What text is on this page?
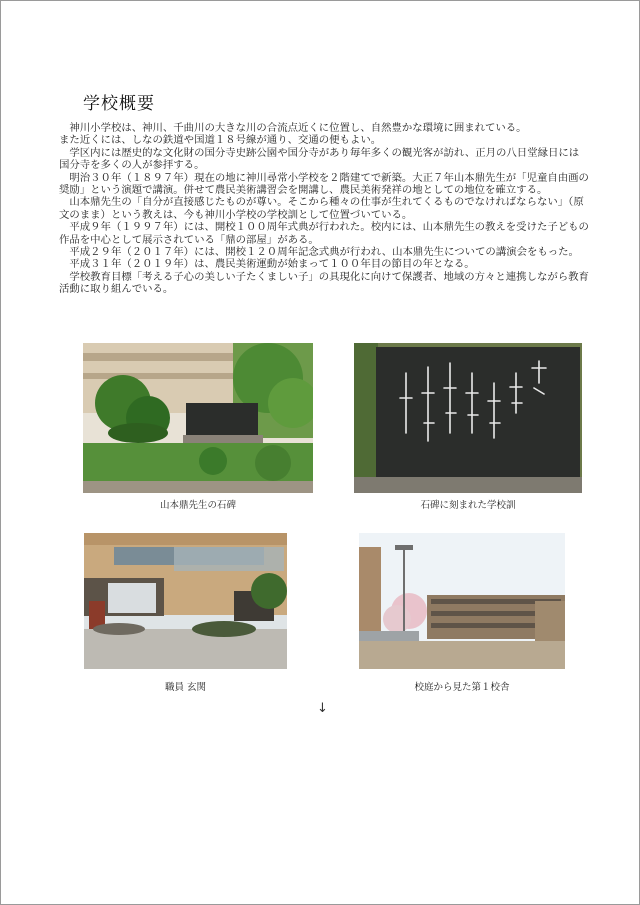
学校概要
　神川小学校は、神川、千曲川の大きな川の合流点近くに位置し、自然豊かな環境に囲まれている。
また近くには、しなの鉄道や国道１８号線が通り、交通の便もよい。
　学区内には歴史的な文化財の国分寺史跡公園や国分寺があり毎年多くの観光客が訪れ、正月の八日堂縁日には国分寺を多くの人が参拝する。
　明治３０年（１８９７年）現在の地に神川尋常小学校を２階建てで新築。大正７年山本鼎先生が「児童自由画の奨励」という演題で講演。併せて農民美術講習会を開講し、農民美術発祥の地としての地位を確立する。
　山本鼎先生の「自分が直接感じたものが尊い。そこから種々の仕事が生れてくるものでなければならない」（原文のまま）という教えは、今も神川小学校の学校訓として位置づいている。
　平成９年（１９９７年）には、開校１００周年式典が行われた。校内には、山本鼎先生の教えを受けた子どもの作品を中心として展示されている「鼎の部屋」がある。
　平成２９年（２０１７年）には、開校１２０周年記念式典が行われ、山本鼎先生についての講演会をもった。
　平成３１年（２０１９年）は、農民美術運動が始まって１００年目の節目の年となる。
　学校教育目標「考える子心の美しい子たくましい子」の具現化に向けて保護者、地域の方々と連携しながら教育活動に取り組んでいる。
山本鼎先生の石碑	石碑に刻まれた学校訓
職員 玄関	校庭から見た第１校舎
↓
